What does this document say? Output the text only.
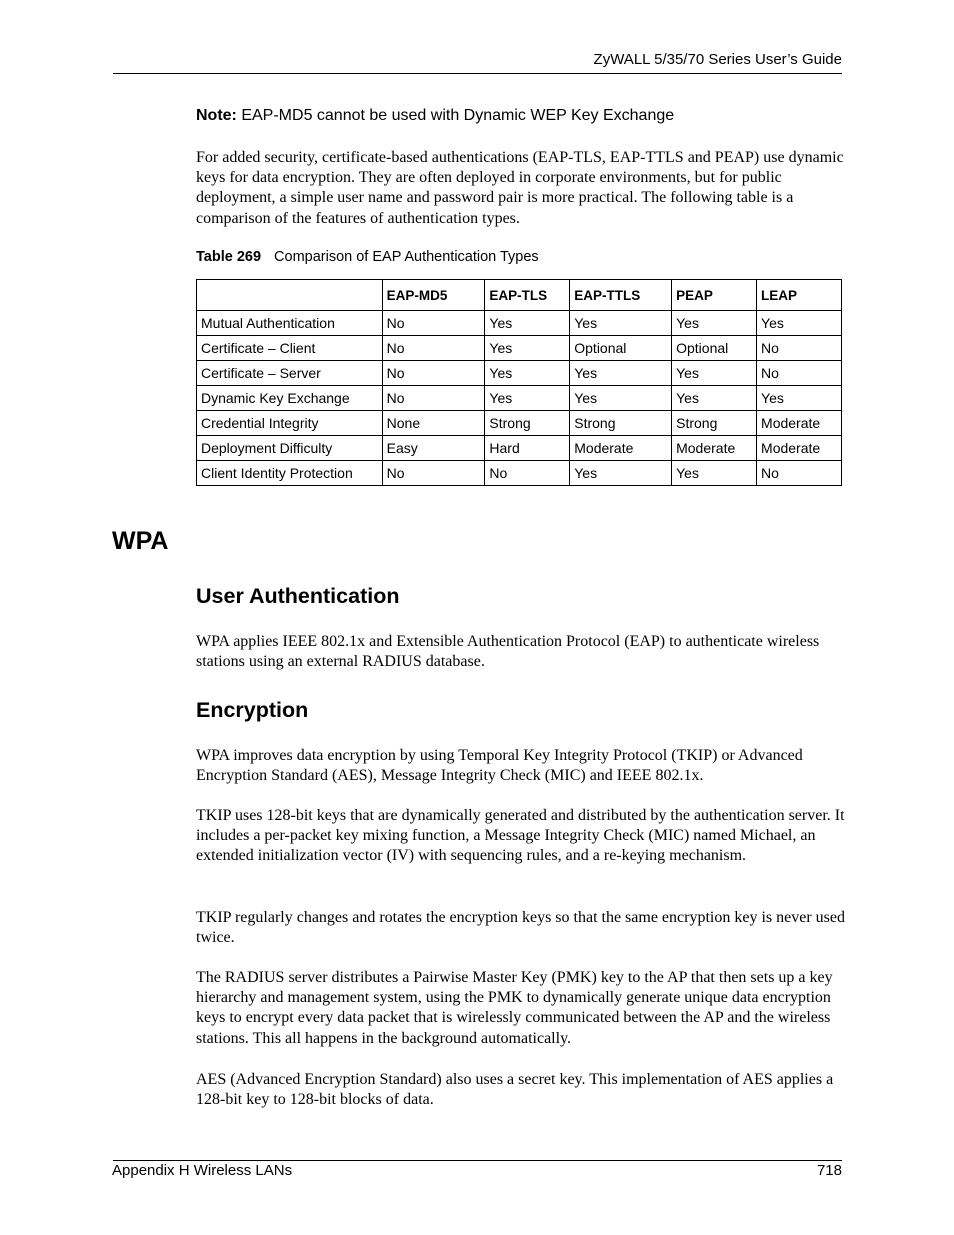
ZyWALL 5/35/70 Series User’s Guide
Note: EAP-MD5 cannot be used with Dynamic WEP Key Exchange
For added security, certificate-based authentications (EAP-TLS, EAP-TTLS and PEAP) use dynamic keys for data encryption. They are often deployed in corporate environments, but for public deployment, a simple user name and password pair is more practical. The following table is a comparison of the features of authentication types.
Table 269 Comparison of EAP Authentication Types
	EAP-MD5	EAP-TLS	EAP-TTLS	PEAP	LEAP
Mutual Authentication	No	Yes	Yes	Yes	Yes
Certificate – Client	No	Yes	Optional	Optional	No
Certificate – Server	No	Yes	Yes	Yes	No
Dynamic Key Exchange	No	Yes	Yes	Yes	Yes
Credential Integrity	None	Strong	Strong	Strong	Moderate
Deployment Difficulty	Easy	Hard	Moderate	Moderate	Moderate
Client Identity Protection	No	No	Yes	Yes	No
WPA
User Authentication
WPA applies IEEE 802.1x and Extensible Authentication Protocol (EAP) to authenticate wireless stations using an external RADIUS database.
Encryption
WPA improves data encryption by using Temporal Key Integrity Protocol (TKIP) or Advanced Encryption Standard (AES), Message Integrity Check (MIC) and IEEE 802.1x.
TKIP uses 128-bit keys that are dynamically generated and distributed by the authentication server. It includes a per-packet key mixing function, a Message Integrity Check (MIC) named Michael, an extended initialization vector (IV) with sequencing rules, and a re-keying mechanism.
TKIP regularly changes and rotates the encryption keys so that the same encryption key is never used twice.
The RADIUS server distributes a Pairwise Master Key (PMK) key to the AP that then sets up a key hierarchy and management system, using the PMK to dynamically generate unique data encryption keys to encrypt every data packet that is wirelessly communicated between the AP and the wireless stations. This all happens in the background automatically.
AES (Advanced Encryption Standard) also uses a secret key. This implementation of AES applies a 128-bit key to 128-bit blocks of data.
Appendix H Wireless LANs	718
